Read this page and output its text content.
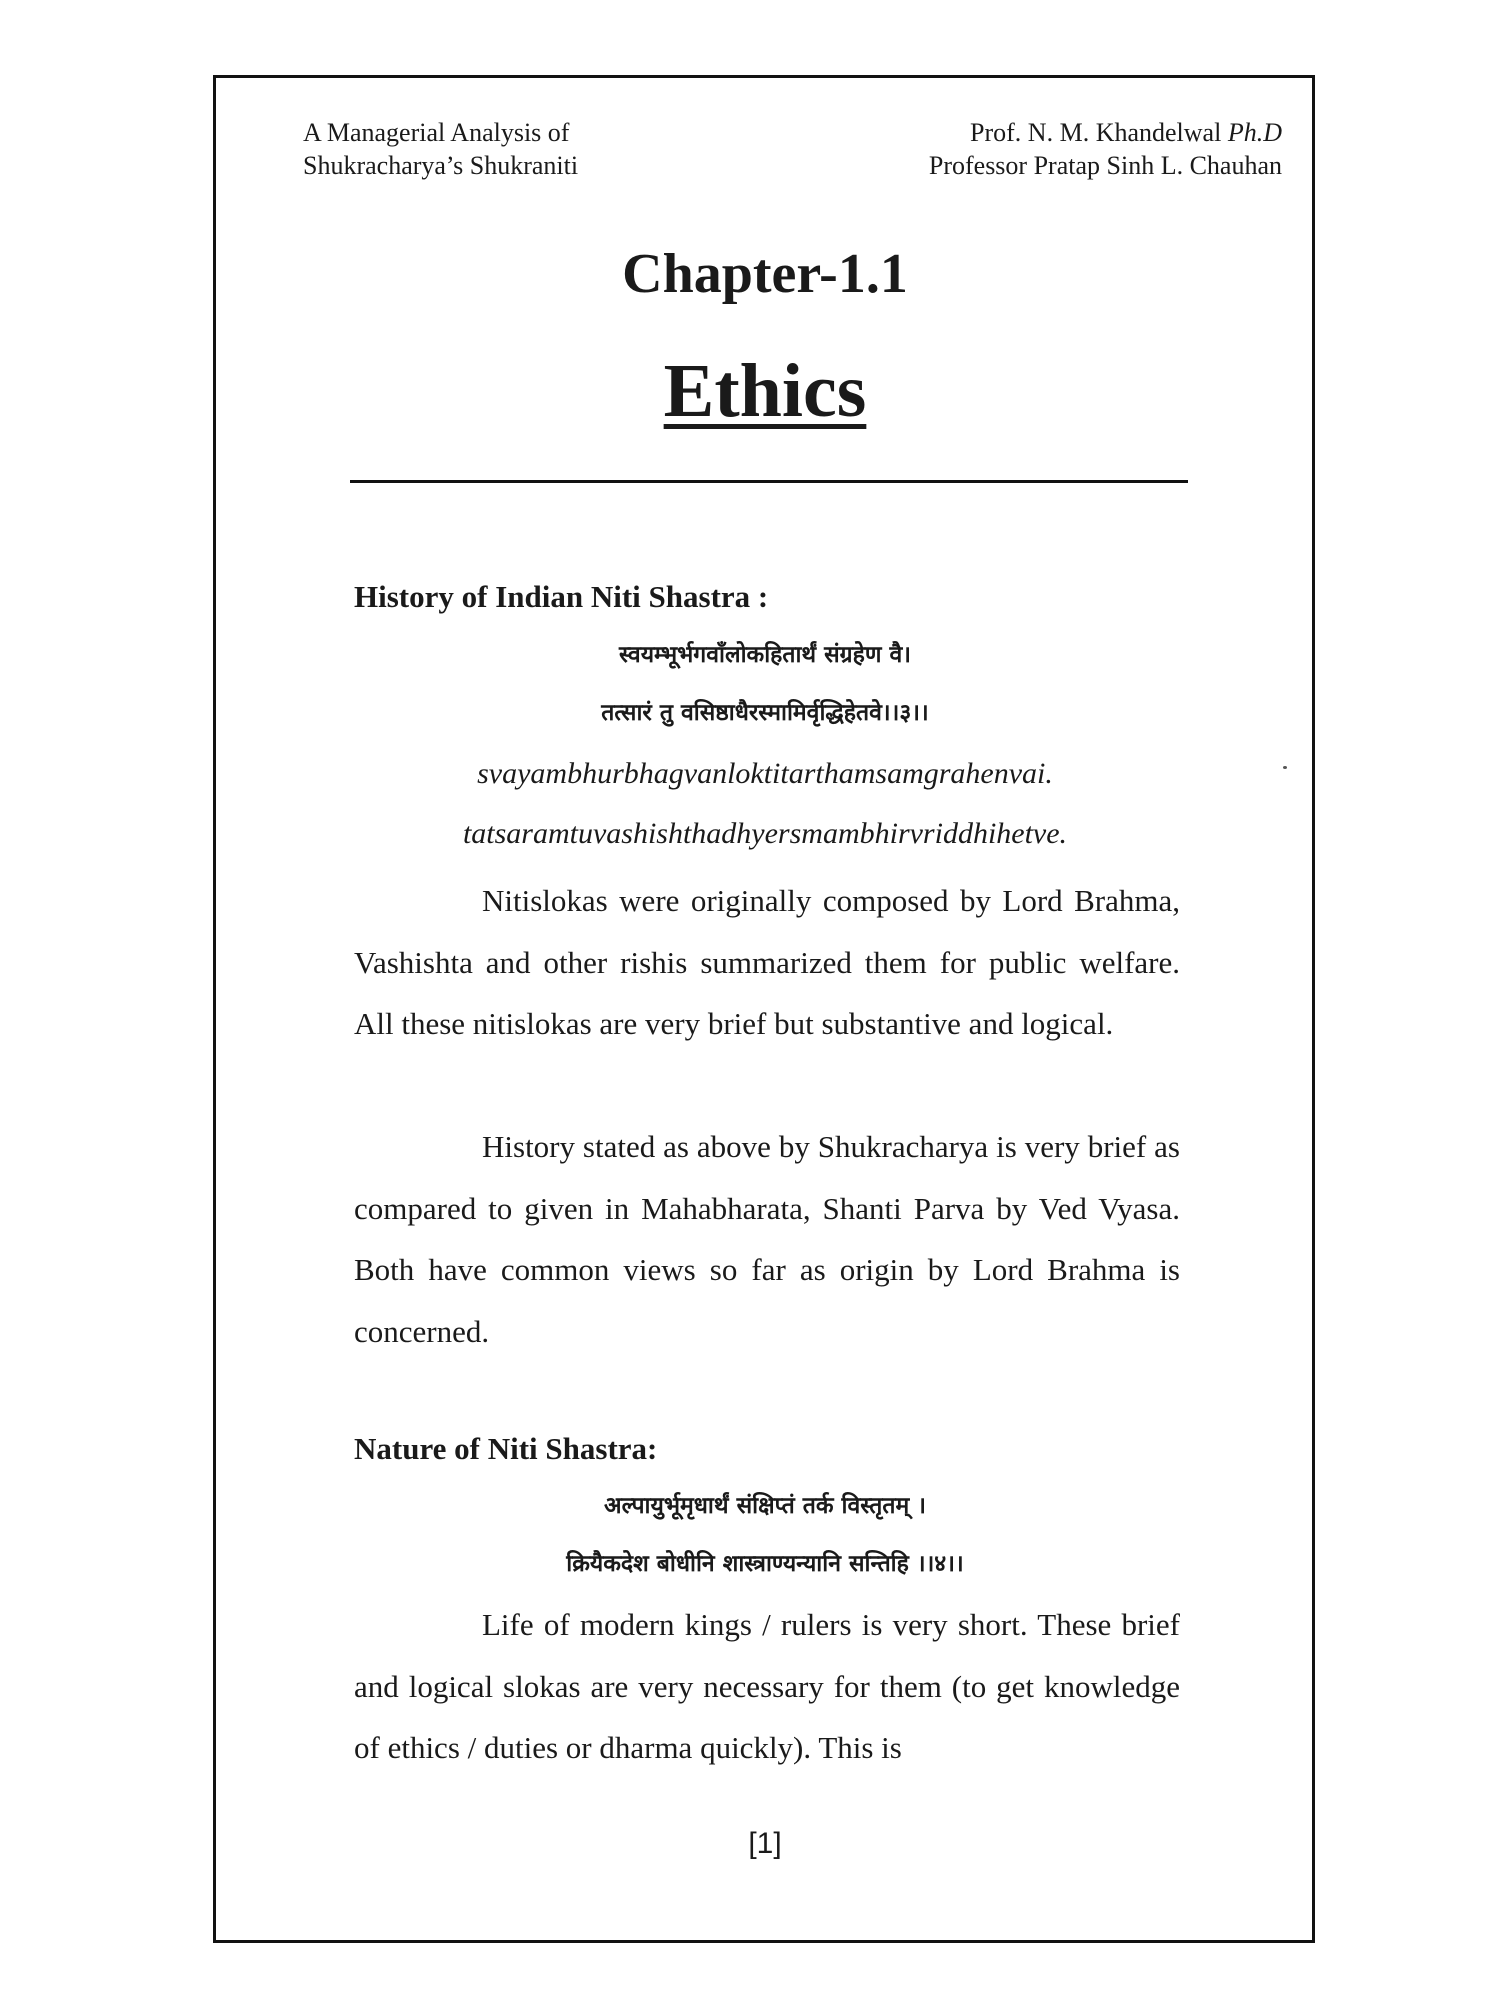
A Managerial Analysis of
Shukracharya’s Shukraniti
Prof. N. M. Khandelwal Ph.D
Professor Pratap Sinh L. Chauhan
Chapter-1.1
Ethics
History of Indian Niti Shastra :
स्वयम्भूर्भगवाँलोकहितार्थं संग्रहेण वै।
तत्सारं तु वसिष्ठाधैरस्मामिर्वृद्धिहेतवे।।३।।
svayambhurbhagvanloktitarthamsamgrahenvai.
tatsaramtuvashishthadhyersmambhirvriddhihetve.
Nitislokas were originally composed by Lord Brahma, Vashishta and other rishis summarized them for public welfare. All these nitislokas are very brief but substantive and logical.
History stated as above by Shukracharya is very brief as compared to given in Mahabharata, Shanti Parva by Ved Vyasa. Both have common views so far as origin by Lord Brahma is concerned.
Nature of Niti Shastra:
अल्पायुर्भूमृधार्थं संक्षिप्तं तर्क विस्तृतम् ।
क्रियैकदेश बोधीनि शास्त्राण्यन्यानि सन्तिहि ।।४।।
Life of modern kings / rulers is very short. These brief and logical slokas are very necessary for them (to get knowledge of ethics / duties or dharma quickly). This is
[1]
